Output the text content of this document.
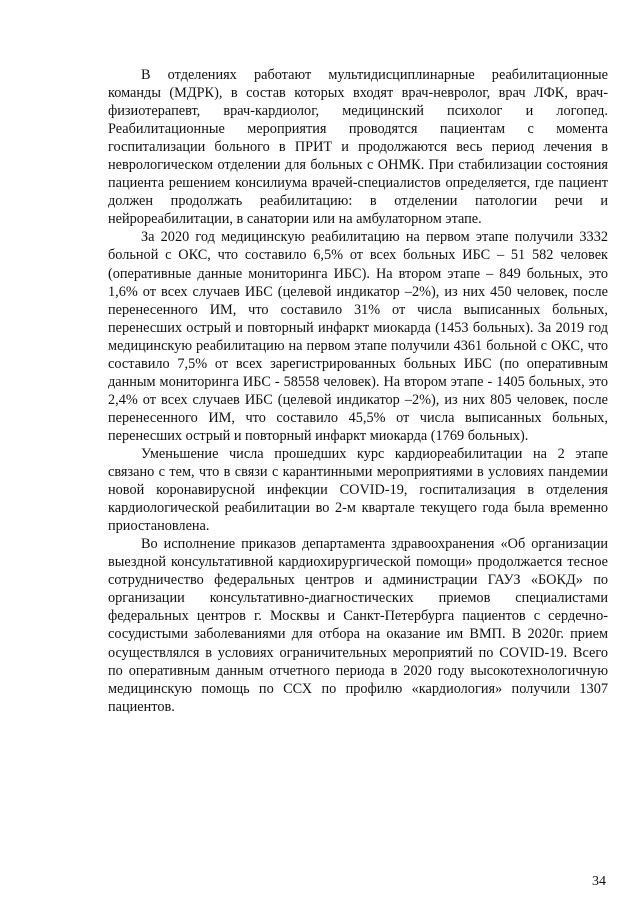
В отделениях работают мультидисциплинарные реабилитационные команды (МДРК), в состав которых входят врач-невролог, врач ЛФК, врач-физиотерапевт, врач-кардиолог, медицинский психолог и логопед. Реабилитационные мероприятия проводятся пациентам с момента госпитализации больного в ПРИТ и продолжаются весь период лечения в неврологическом отделении для больных с ОНМК. При стабилизации состояния пациента решением консилиума врачей-специалистов определяется, где пациент должен продолжать реабилитацию: в отделении патологии речи и нейрореабилитации, в санатории или на амбулаторном этапе.

За 2020 год медицинскую реабилитацию на первом этапе получили 3332 больной с ОКС, что составило 6,5% от всех больных ИБС – 51 582 человек (оперативные данные мониторинга ИБС). На втором этапе – 849 больных, это 1,6% от всех случаев ИБС (целевой индикатор –2%), из них 450 человек, после перенесенного ИМ, что составило 31% от числа выписанных больных, перенесших острый и повторный инфаркт миокарда (1453 больных). За 2019 год медицинскую реабилитацию на первом этапе получили 4361 больной с ОКС, что составило 7,5% от всех зарегистрированных больных ИБС (по оперативным данным мониторинга ИБС - 58558 человек). На втором этапе - 1405 больных, это 2,4% от всех случаев ИБС (целевой индикатор –2%), из них 805 человек, после перенесенного ИМ, что составило 45,5% от числа выписанных больных, перенесших острый и повторный инфаркт миокарда (1769 больных).

Уменьшение числа прошедших курс кардиореабилитации на 2 этапе связано с тем, что в связи с карантинными мероприятиями в условиях пандемии новой коронавирусной инфекции COVID-19, госпитализация в отделения кардиологической реабилитации во 2-м квартале текущего года была временно приостановлена.

Во исполнение приказов департамента здравоохранения «Об организации выездной консультативной кардиохирургической помощи» продолжается тесное сотрудничество федеральных центров и администрации ГАУЗ «БОКД» по организации консультативно-диагностических приемов специалистами федеральных центров г. Москвы и Санкт-Петербурга пациентов с сердечно-сосудистыми заболеваниями для отбора на оказание им ВМП. В 2020г. прием осуществлялся в условиях ограничительных мероприятий по COVID-19. Всего по оперативным данным отчетного периода в 2020 году высокотехнологичную медицинскую помощь по ССХ по профилю «кардиология» получили 1307 пациентов.

34
